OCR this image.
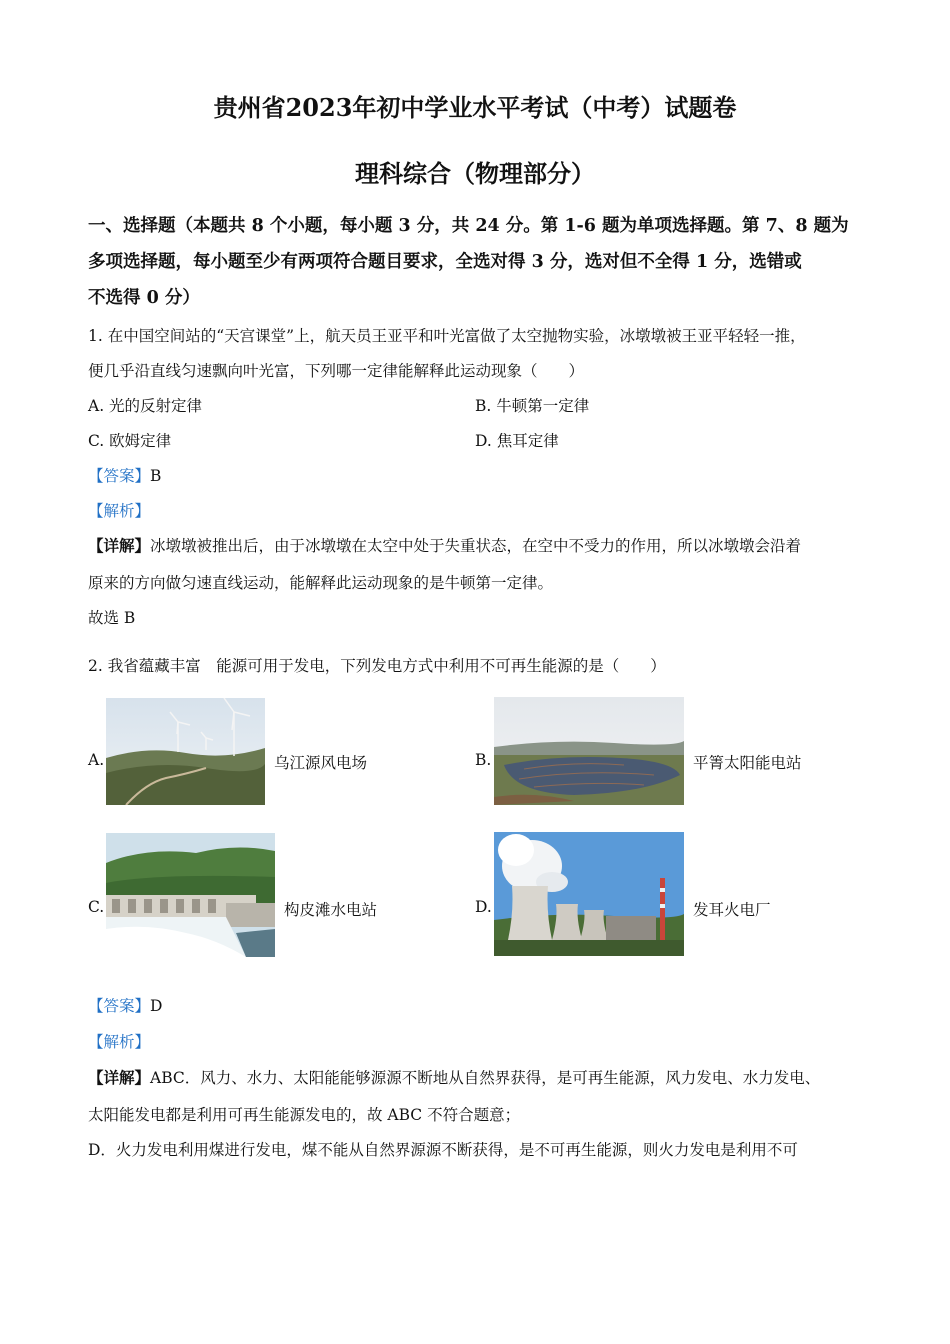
贵州省2023年初中学业水平考试（中考）试题卷
理科综合（物理部分）
一、选择题（本题共 8 个小题，每小题 3 分，共 24 分。第 1-6 题为单项选择题。第 7、8 题为
多项选择题，每小题至少有两项符合题目要求，全选对得 3 分，选对但不全得 1 分，选错或
不选得 0 分）
1. 在中国空间站的“天宫课堂”上，航天员王亚平和叶光富做了太空抛物实验，冰墩墩被王亚平轻轻一推，
便几乎沿直线匀速飘向叶光富，下列哪一定律能解释此运动现象（　　）
A. 光的反射定律	B. 牛顿第一定律
C. 欧姆定律	D. 焦耳定律
【答案】B
【解析】
【详解】冰墩墩被推出后，由于冰墩墩在太空中处于失重状态，在空中不受力的作用，所以冰墩墩会沿着
原来的方向做匀速直线运动，能解释此运动现象的是牛顿第一定律。
故选 B
2. 我省蕴藏丰富　能源可用于发电，下列发电方式中利用不可再生能源的是（　　）
A.	乌江源风电场	B.	平箐太阳能电站
C.	构皮滩水电站	D.	发耳火电厂
【答案】D
【解析】
【详解】ABC．风力、水力、太阳能能够源源不断地从自然界获得，是可再生能源，风力发电、水力发电、
太阳能发电都是利用可再生能源发电的，故 ABC 不符合题意；
D．火力发电利用煤进行发电，煤不能从自然界源源不断获得，是不可再生能源，则火力发电是利用不可
